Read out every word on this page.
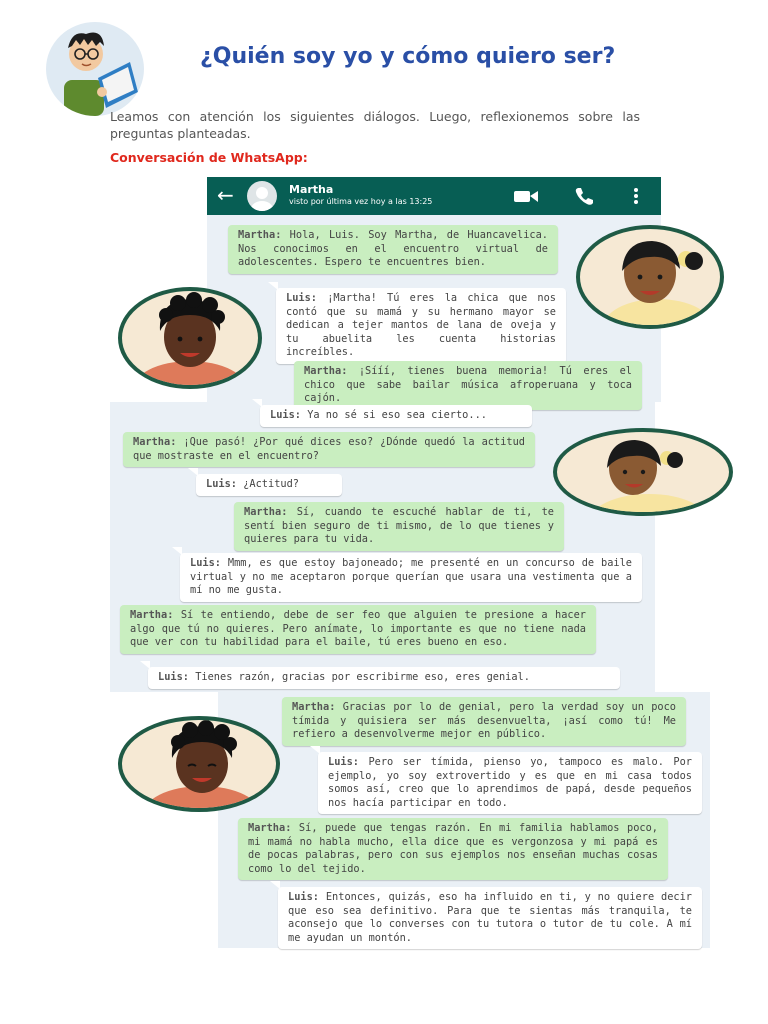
¿Quién soy yo y cómo quiero ser?

Leamos con atención los siguientes diálogos. Luego, reflexionemos sobre las preguntas planteadas.

Conversación de WhatsApp:

←	Martha
visto por última vez hoy a las 13:25
Martha: Hola, Luis. Soy Martha, de Huancavelica. Nos conocimos en el encuentro virtual de adolescentes. Espero te encuentres bien.
Luis: ¡Martha! Tú eres la chica que nos contó que su mamá y su hermano mayor se dedican a tejer mantos de lana de oveja y tu abuelita les cuenta historias increíbles.
Martha: ¡Sííí, tienes buena memoria! Tú eres el chico que sabe bailar música afroperuana y toca cajón.
Luis: Ya no sé si eso sea cierto...
Martha: ¡Que pasó! ¿Por qué dices eso? ¿Dónde quedó la actitud que mostraste en el encuentro?
Luis: ¿Actitud?
Martha: Sí, cuando te escuché hablar de ti, te sentí bien seguro de ti mismo, de lo que tienes y quieres para tu vida.
Luis: Mmm, es que estoy bajoneado; me presenté en un concurso de baile virtual y no me aceptaron porque querían que usara una vestimenta que a mí no me gusta.
Martha: Sí te entiendo, debe de ser feo que alguien te presione a hacer algo que tú no quieres. Pero anímate, lo importante es que no tiene nada que ver con tu habilidad para el baile, tú eres bueno en eso.
Luis: Tienes razón, gracias por escribirme eso, eres genial.
Martha: Gracias por lo de genial, pero la verdad soy un poco tímida y quisiera ser más desenvuelta, ¡así como tú! Me refiero a desenvolverme mejor en público.
Luis: Pero ser tímida, pienso yo, tampoco es malo. Por ejemplo, yo soy extrovertido y es que en mi casa todos somos así, creo que lo aprendimos de papá, desde pequeños nos hacía participar en todo.
Martha: Sí, puede que tengas razón. En mi familia hablamos poco, mi mamá no habla mucho, ella dice que es vergonzosa y mi papá es de pocas palabras, pero con sus ejemplos nos enseñan muchas cosas como lo del tejido.
Luis: Entonces, quizás, eso ha influido en ti, y no quiere decir que eso sea definitivo. Para que te sientas más tranquila, te aconsejo que lo converses con tu tutora o tutor de tu cole. A mí me ayudan un montón.
